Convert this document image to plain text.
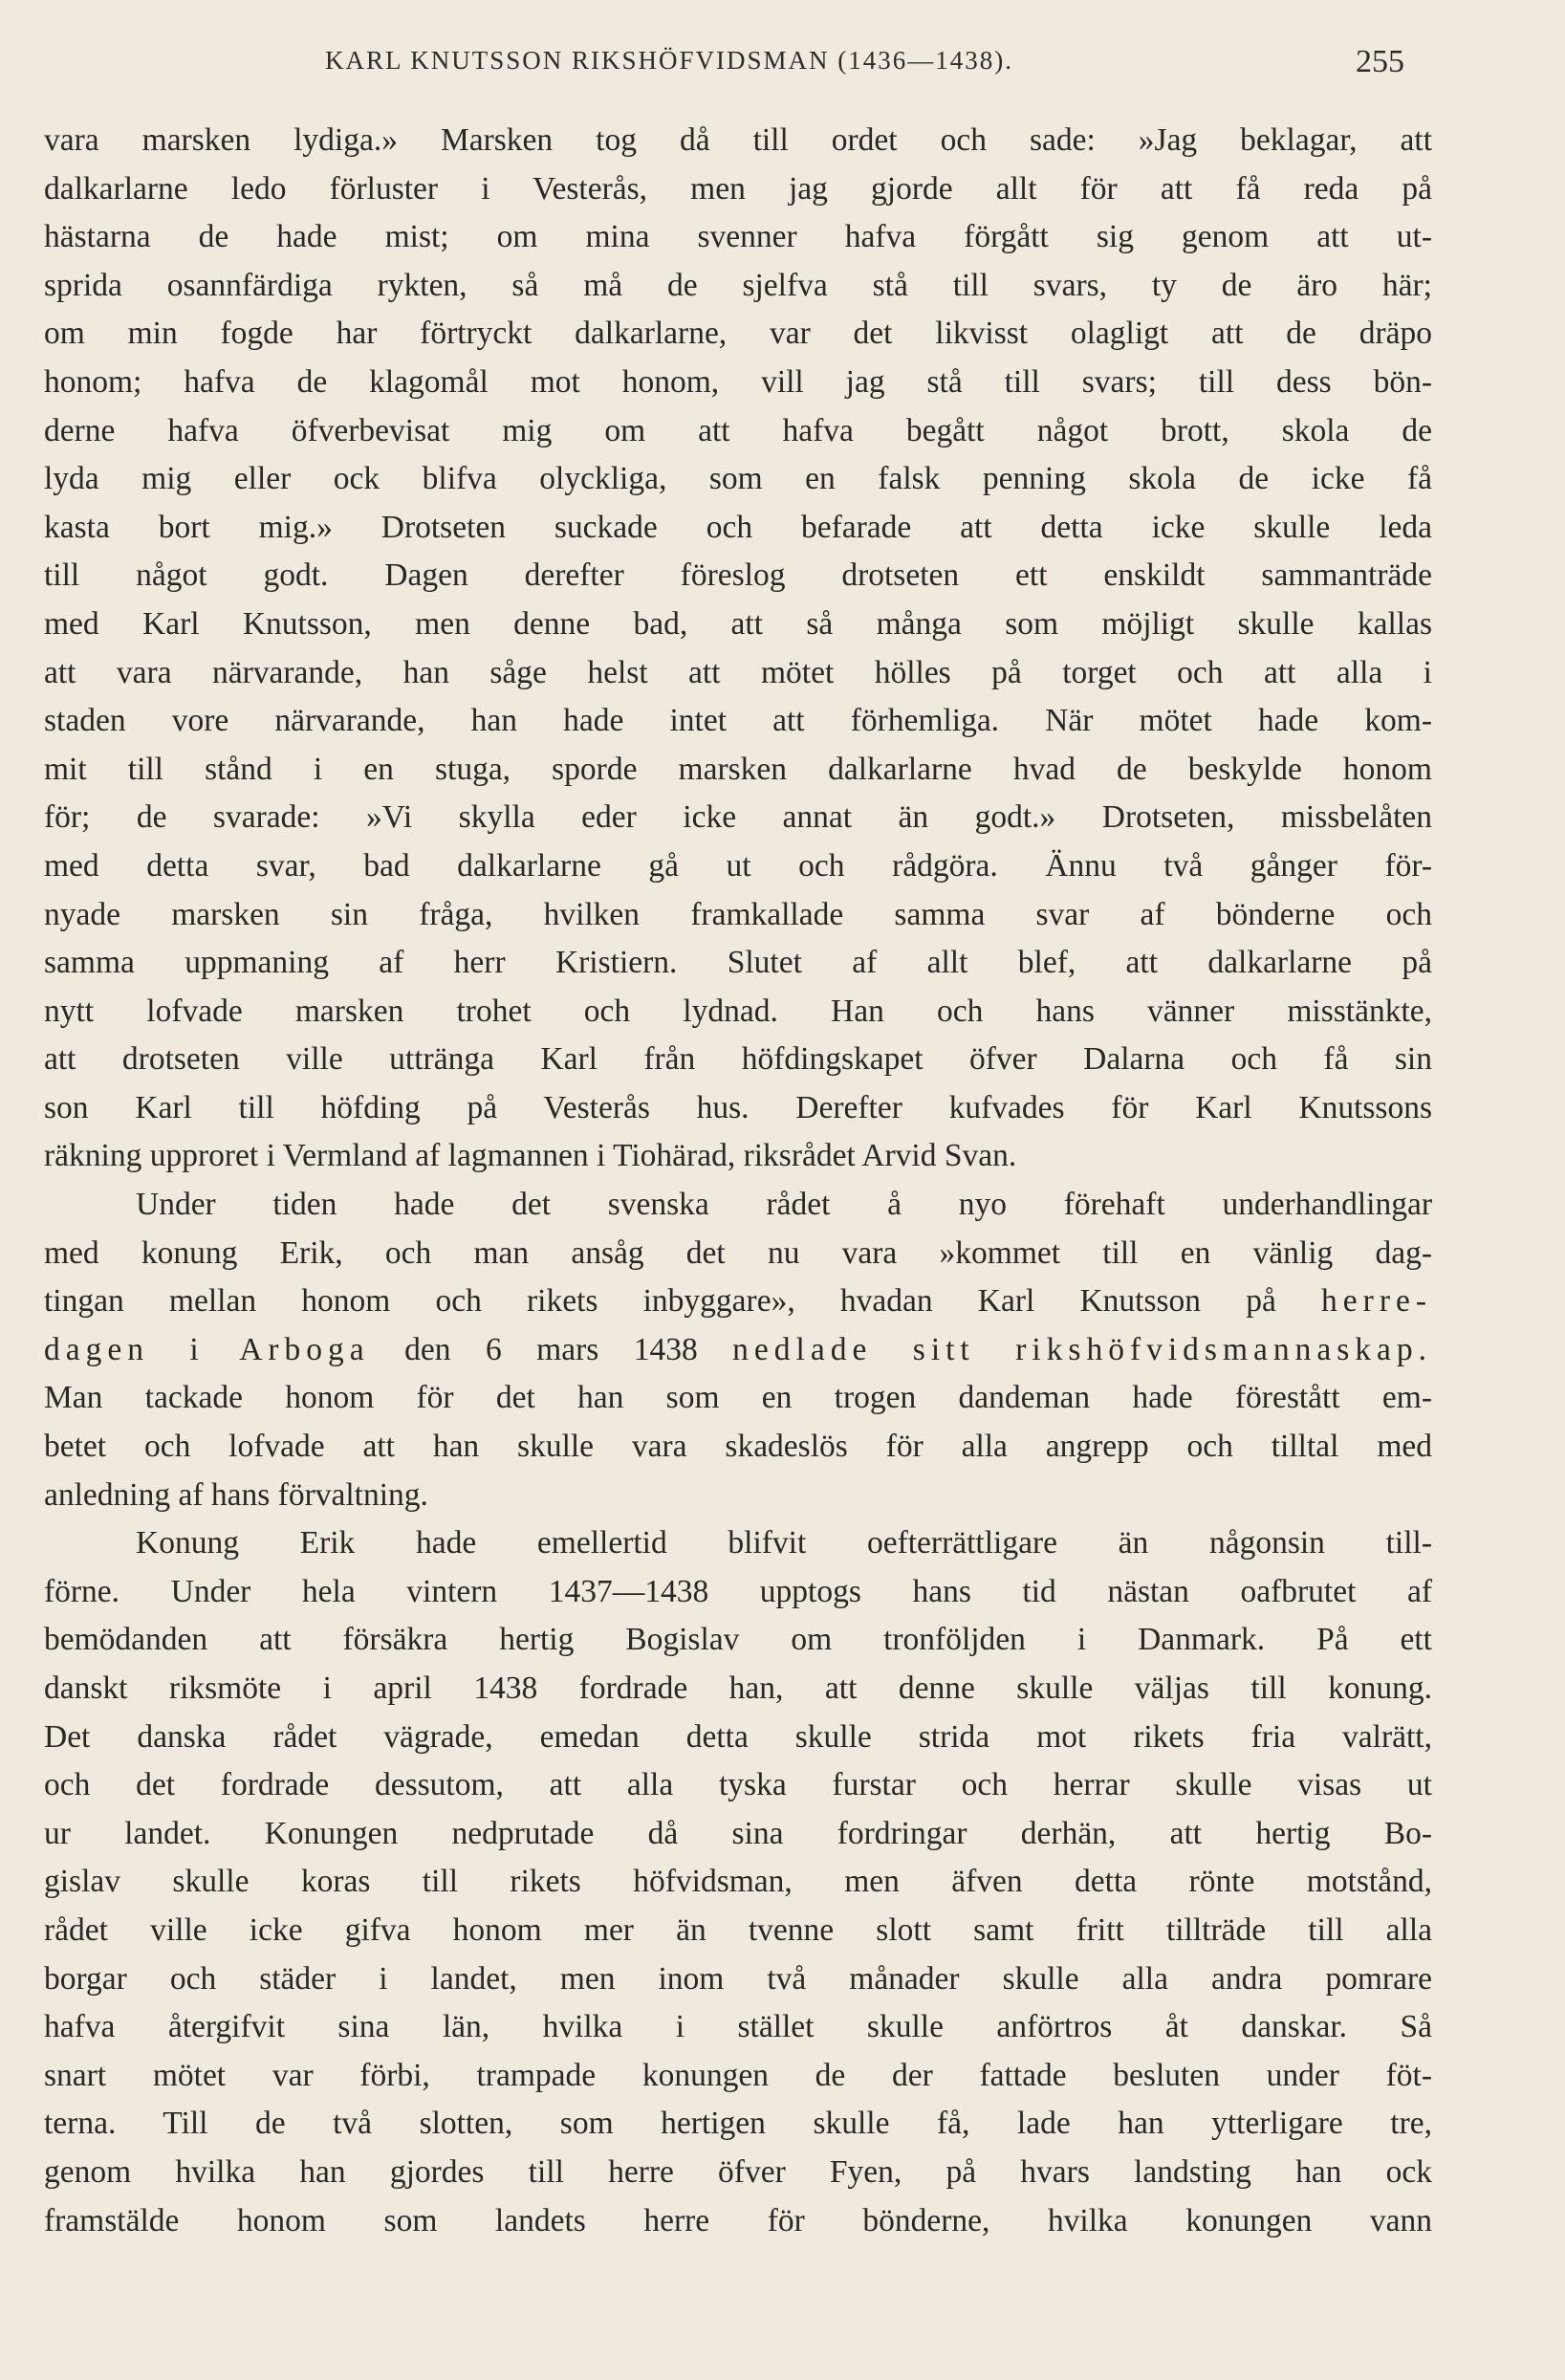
KARL KNUTSSON RIKSHÖFVIDSMAN (1436—1438).	255
vara marsken lydiga.» Marsken tog då till ordet och sade: »Jag beklagar, att
dalkarlarne ledo förluster i Vesterås, men jag gjorde allt för att få reda på
hästarna de hade mist; om mina svenner hafva förgått sig genom att ut-
sprida osannfärdiga rykten, så må de sjelfva stå till svars, ty de äro här;
om min fogde har förtryckt dalkarlarne, var det likvisst olagligt att de dräpo
honom; hafva de klagomål mot honom, vill jag stå till svars; till dess bön-
derne hafva öfverbevisat mig om att hafva begått något brott, skola de
lyda mig eller ock blifva olyckliga, som en falsk penning skola de icke få
kasta bort mig.» Drotseten suckade och befarade att detta icke skulle leda
till något godt. Dagen derefter föreslog drotseten ett enskildt sammanträde
med Karl Knutsson, men denne bad, att så många som möjligt skulle kallas
att vara närvarande, han såge helst att mötet hölles på torget och att alla i
staden vore närvarande, han hade intet att förhemliga. När mötet hade kom-
mit till stånd i en stuga, sporde marsken dalkarlarne hvad de beskylde honom
för; de svarade: »Vi skylla eder icke annat än godt.» Drotseten, missbelåten
med detta svar, bad dalkarlarne gå ut och rådgöra. Ännu två gånger för-
nyade marsken sin fråga, hvilken framkallade samma svar af bönderne och
samma uppmaning af herr Kristiern. Slutet af allt blef, att dalkarlarne på
nytt lofvade marsken trohet och lydnad. Han och hans vänner misstänkte,
att drotseten ville uttränga Karl från höfdingskapet öfver Dalarna och få sin
son Karl till höfding på Vesterås hus. Derefter kufvades för Karl Knutssons
räkning upproret i Vermland af lagmannen i Tiohärad, riksrådet Arvid Svan.
Under tiden hade det svenska rådet å nyo förehaft underhandlingar
med konung Erik, och man ansåg det nu vara »kommet till en vänlig dag-
tingan mellan honom och rikets inbyggare», hvadan Karl Knutsson på herre-
dagen i Arboga den 6 mars 1438 nedlade sitt rikshöfvidsmannaskap.
Man tackade honom för det han som en trogen dandeman hade förestått em-
betet och lofvade att han skulle vara skadeslös för alla angrepp och tilltal med
anledning af hans förvaltning.
Konung Erik hade emellertid blifvit oefterrättligare än någonsin till-
förne. Under hela vintern 1437—1438 upptogs hans tid nästan oafbrutet af
bemödanden att försäkra hertig Bogislav om tronföljden i Danmark. På ett
danskt riksmöte i april 1438 fordrade han, att denne skulle väljas till konung.
Det danska rådet vägrade, emedan detta skulle strida mot rikets fria valrätt,
och det fordrade dessutom, att alla tyska furstar och herrar skulle visas ut
ur landet. Konungen nedprutade då sina fordringar derhän, att hertig Bo-
gislav skulle koras till rikets höfvidsman, men äfven detta rönte motstånd,
rådet ville icke gifva honom mer än tvenne slott samt fritt tillträde till alla
borgar och städer i landet, men inom två månader skulle alla andra pomrare
hafva återgifvit sina län, hvilka i stället skulle anförtros åt danskar. Så
snart mötet var förbi, trampade konungen de der fattade besluten under föt-
terna. Till de två slotten, som hertigen skulle få, lade han ytterligare tre,
genom hvilka han gjordes till herre öfver Fyen, på hvars landsting han ock
framstälde honom som landets herre för bönderne, hvilka konungen vann
